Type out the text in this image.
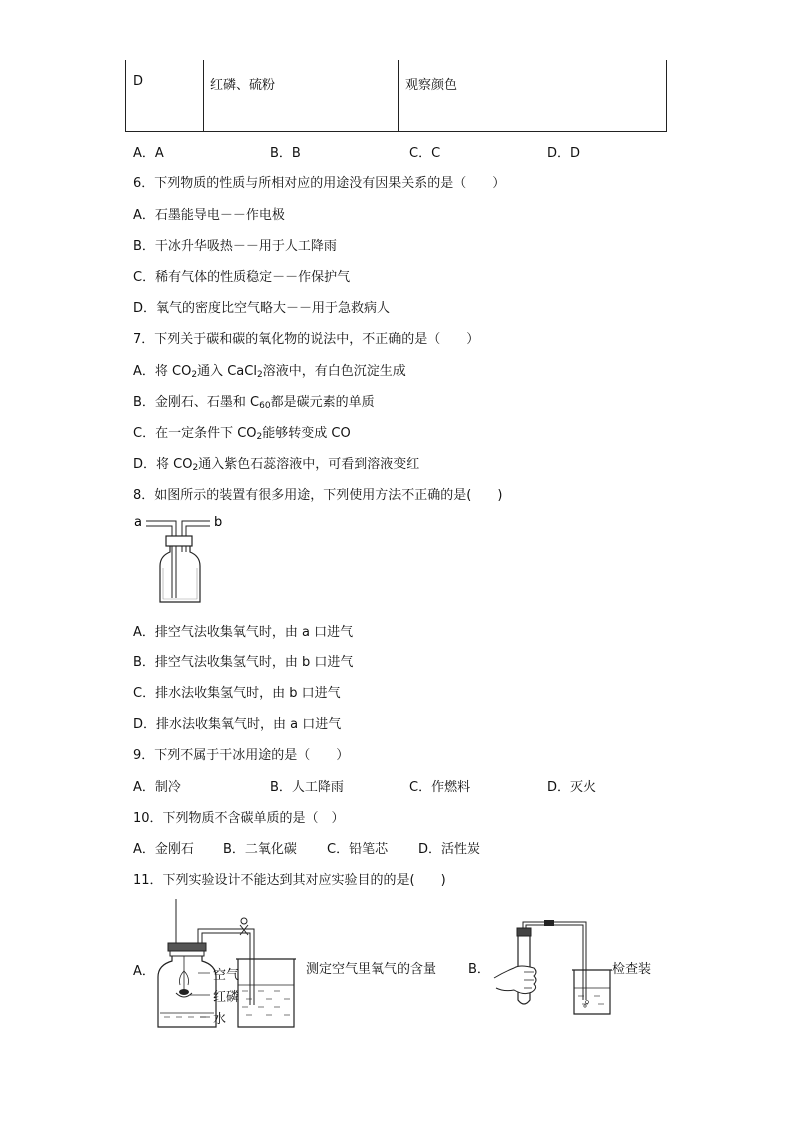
D	红磷、硫粉	观察颜色
A．A	B．B	C．C	D．D
6．下列物质的性质与所相对应的用途没有因果关系的是（　　）
A．石墨能导电－－作电极
B．干冰升华吸热－－用于人工降雨
C．稀有气体的性质稳定－－作保护气
D．氧气的密度比空气略大－－用于急救病人
7．下列关于碳和碳的氧化物的说法中，不正确的是（　　）
A．将 $CO_2$通入 CaCl$_2$溶液中，有白色沉淀生成
B．金刚石、石墨和 $C_{60}$都是碳元素的单质
C．在一定条件下 $CO_2$能够转变成 CO
D．将 $CO_2$通入紫色石蕊溶液中，可看到溶液变红
8．如图所示的装置有很多用途，下列使用方法不正确的是(　　)
a	b
A．排空气法收集氧气时，由 a 口进气
B．排空气法收集氢气时，由 b 口进气
C．排水法收集氢气时，由 b 口进气
D．排水法收集氧气时，由 a 口进气
9．下列不属于干冰用途的是（　　）
A．制冷	B．人工降雨	C．作燃料	D．灭火
10．下列物质不含碳单质的是（　）
A．金刚石 B．二氧化碳 C．铅笔芯 D．活性炭
11．下列实验设计不能达到其对应实验目的的是(　　)
A．	空气
红磷
水
测定空气里氧气的含量 B．	检查装
